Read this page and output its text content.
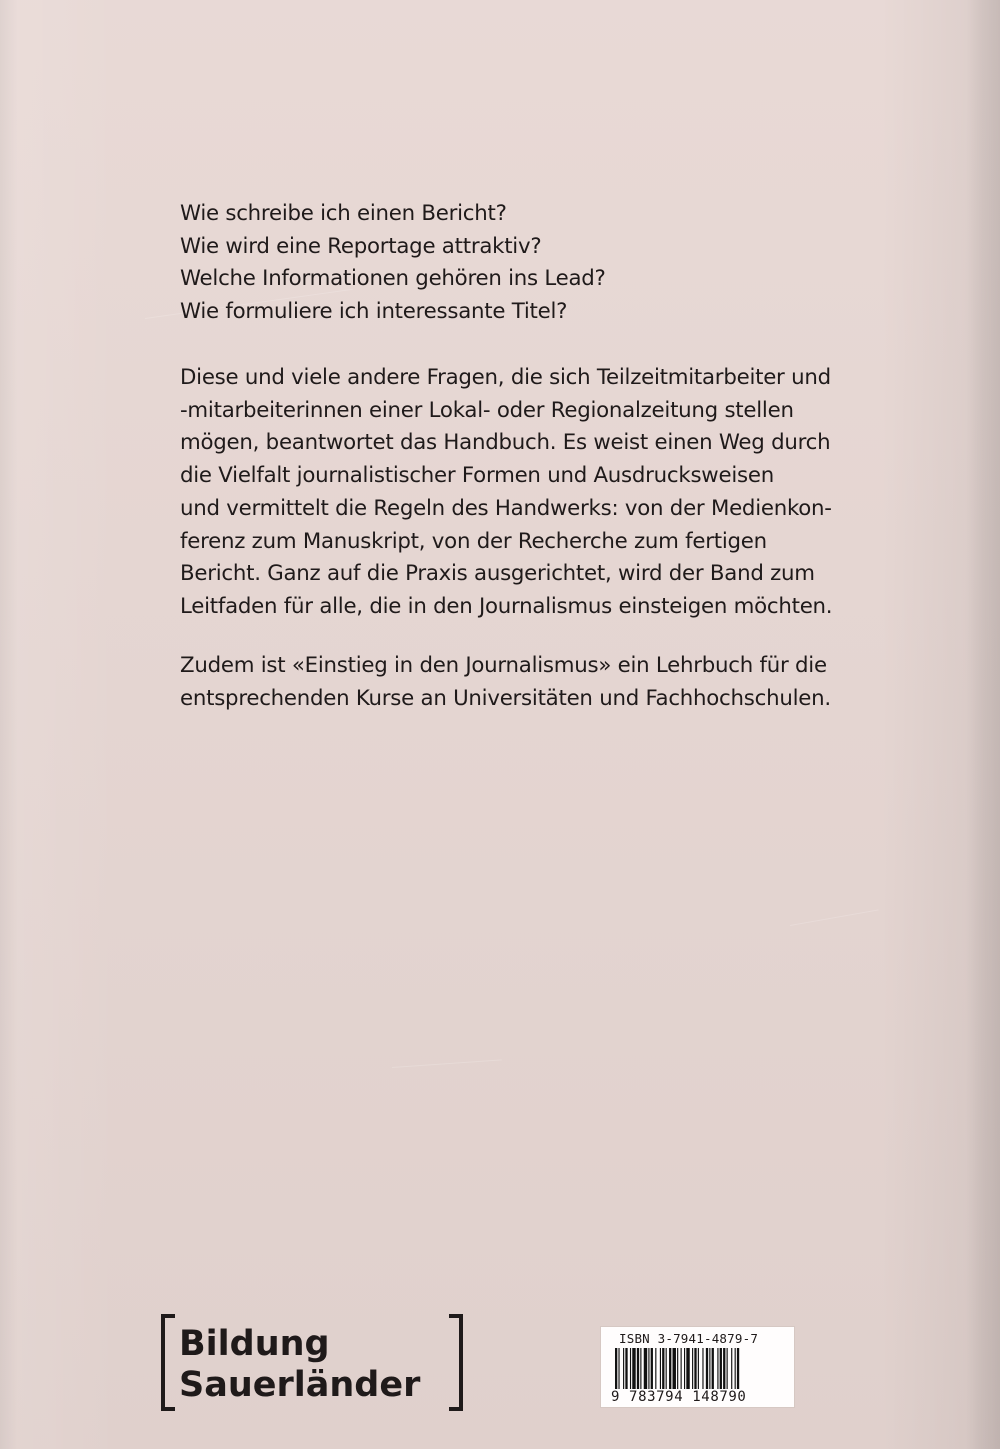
Wie schreibe ich einen Bericht?
Wie wird eine Reportage attraktiv?
Welche Informationen gehören ins Lead?
Wie formuliere ich interessante Titel?
Diese und viele andere Fragen, die sich Teilzeitmitarbeiter und
-mitarbeiterinnen einer Lokal- oder Regionalzeitung stellen
mögen, beantwortet das Handbuch. Es weist einen Weg durch
die Vielfalt journalistischer Formen und Ausdrucksweisen
und vermittelt die Regeln des Handwerks: von der Medienkon-
ferenz zum Manuskript, von der Recherche zum fertigen
Bericht. Ganz auf die Praxis ausgerichtet, wird der Band zum
Leitfaden für alle, die in den Journalismus einsteigen möchten.
Zudem ist «Einstieg in den Journalismus» ein Lehrbuch für die
entsprechenden Kurse an Universitäten und Fachhochschulen.
Bildung
Sauerländer
ISBN 3-7941-4879-7
9 783794 148790
